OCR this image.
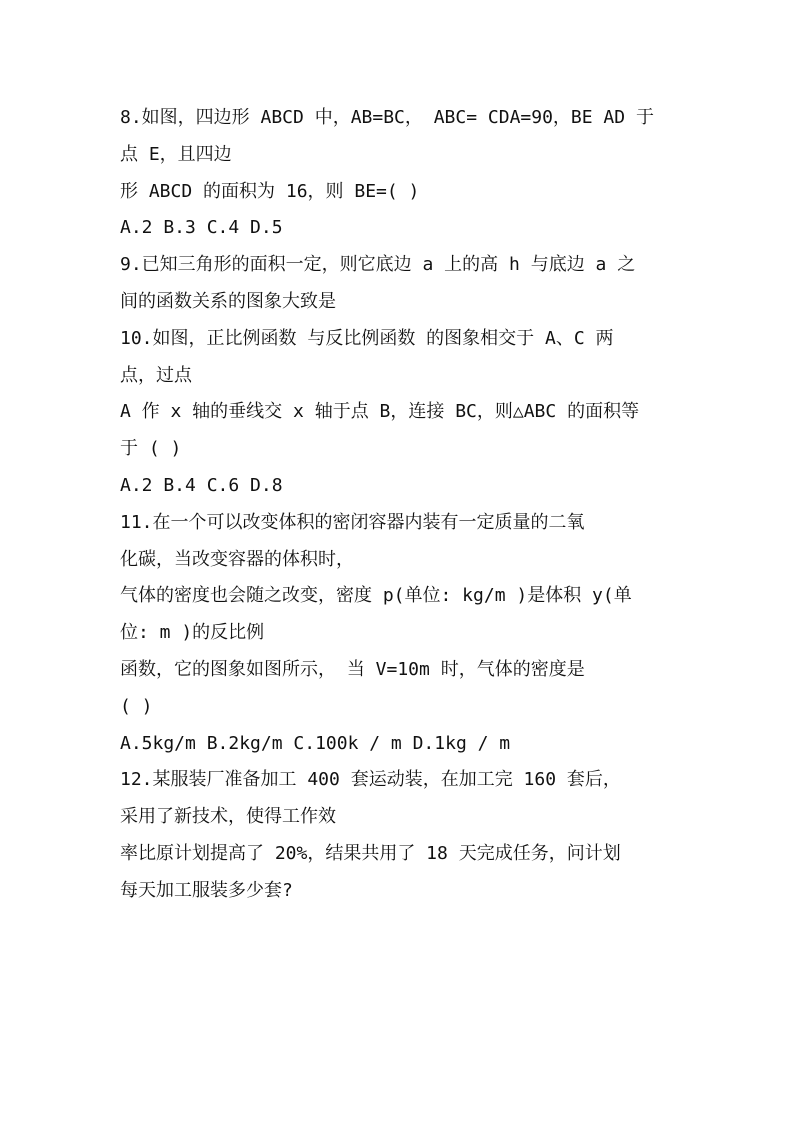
8.如图，四边形 ABCD 中，AB=BC， ABC= CDA=90，BE AD 于
点 E，且四边
形 ABCD 的面积为 16，则 BE=( )
A.2 B.3 C.4 D.5
9.已知三角形的面积一定，则它底边 a 上的高 h 与底边 a 之
间的函数关系的图象大致是
10.如图，正比例函数 与反比例函数 的图象相交于 A、C 两
点，过点
A 作 x 轴的垂线交 x 轴于点 B，连接 BC，则△ABC 的面积等
于 ( )
A.2 B.4 C.6 D.8
11.在一个可以改变体积的密闭容器内装有一定质量的二氧
化碳，当改变容器的体积时，
气体的密度也会随之改变，密度 p(单位: kg/m )是体积 y(单
位: m )的反比例
函数，它的图象如图所示， 当 V=10m 时，气体的密度是
( )
A.5kg/m B.2kg/m C.100k / m D.1kg / m
12.某服装厂准备加工 400 套运动装，在加工完 160 套后，
采用了新技术，使得工作效
率比原计划提高了 20%，结果共用了 18 天完成任务，问计划
每天加工服装多少套?
